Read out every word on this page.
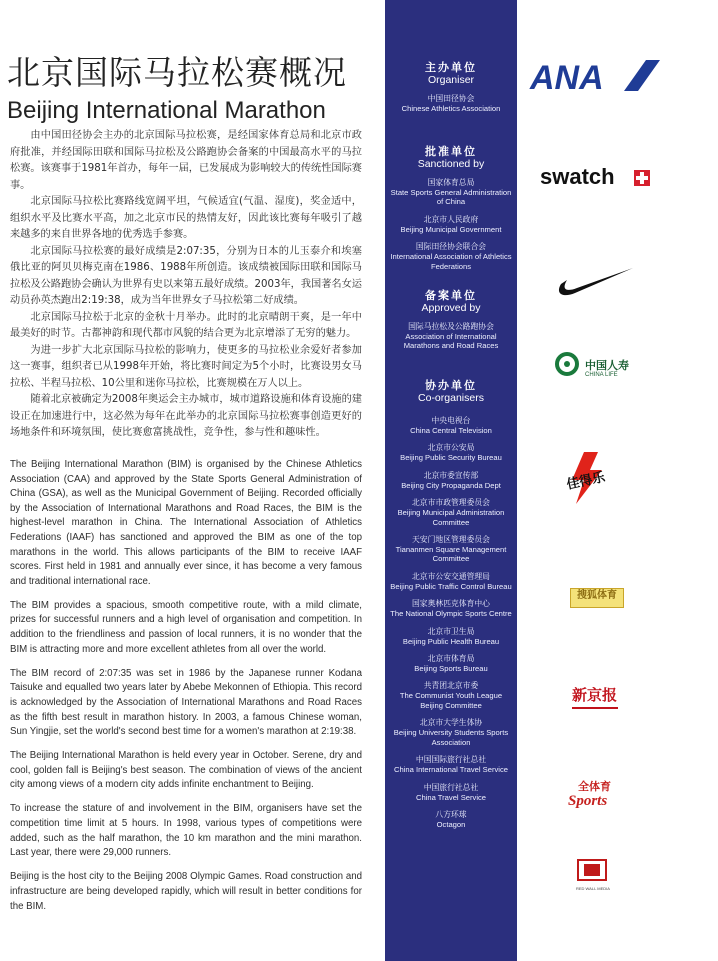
北京国际马拉松赛概况
Beijing International Marathon

由中国田径协会主办的北京国际马拉松赛，是经国家体育总局和北京市政府批准，并经国际田联和国际马拉松及公路跑协会备案的中国最高水平的马拉松赛。该赛事于1981年首办，每年一届，已发展成为影响较大的传统性国际赛事。

北京国际马拉松比赛路线宽阔平坦，气候适宜(气温、湿度)，奖金适中，组织水平及比赛水平高，加之北京市民的热情友好，因此该比赛每年吸引了越来越多的来自世界各地的优秀选手参赛。

北京国际马拉松赛的最好成绩是2:07:35，分别为日本的儿玉泰介和埃塞俄比亚的阿贝贝梅克南在1986、1988年所创造。该成绩被国际田联和国际马拉松及公路跑协会确认为世界有史以来第五最好成绩。2003年，我国著名女运动员孙英杰跑出2:19:38，成为当年世界女子马拉松第二好成绩。

北京国际马拉松于北京的金秋十月举办。此时的北京晴朗干爽，是一年中最美好的时节。古都神韵和现代都市风貌的结合更为北京增添了无穷的魅力。

为进一步扩大北京国际马拉松的影响力，使更多的马拉松业余爱好者参加这一赛事，组织者已从1998年开始，将比赛时间定为5个小时，比赛设男女马拉松、半程马拉松、10公里和迷你马拉松，比赛规模在万人以上。

随着北京被确定为2008年奥运会主办城市，城市道路设施和体育设施的建设正在加速进行中，这必然为每年在此举办的北京国际马拉松赛事创造更好的场地条件和环境氛围，使比赛愈富挑战性，竞争性，参与性和趣味性。

The Beijing International Marathon (BIM) is organised by the Chinese Athletics Association (CAA) and approved by the State Sports General Administration of China (GSA), as well as the Municipal Government of Beijing. Recorded officially by the Association of International Marathons and Road Races, the BIM is the highest-level marathon in China. The International Association of Athletics Federations (IAAF) has sanctioned and approved the BIM as one of the top marathons in the world. This allows participants of the BIM to receive IAAF scores. First held in 1981 and annually ever since, it has become a very famous and traditional international race.

The BIM provides a spacious, smooth competitive route, with a mild climate, prizes for successful runners and a high level of organisation and competition. In addition to the friendliness and passion of local runners, it is no wonder that the BIM is attracting more and more excellent athletes from all over the world.

The BIM record of 2:07:35 was set in 1986 by the Japanese runner Kodana Taisuke and equalled two years later by Abebe Mekonnen of Ethiopia. This record is acknowledged by the Association of International Marathons and Road Races as the fifth best result in marathon history. In 2003, a famous Chinese woman, Sun Yingjie, set the world's second best time for a women's marathon at 2:19:38.

The Beijing International Marathon is held every year in October. Serene, dry and cool, golden fall is Beijing's best season. The combination of views of the ancient city among views of a modern city adds infinite enchantment to Beijing.

To increase the stature of and involvement in the BIM, organisers have set the competition time limit at 5 hours. In 1998, various types of competitions were added, such as the half marathon, the 10 km marathon and the mini marathon. Last year, there were 29,000 runners.

Beijing is the host city to the Beijing 2008 Olympic Games. Road construction and infrastructure are being developed rapidly, which will result in better conditions for the BIM.

主办单位
Organiser
中国田径协会
Chinese Athletics Association
批准单位
Sanctioned by
国家体育总局
State Sports General Administration of China
北京市人民政府
Beijing Municipal Government
国际田径协会联合会
International Association of Athletics Federations
备案单位
Approved by
国际马拉松及公路跑协会
Association of International Marathons and Road Races
协办单位
Co-organisers
中央电视台
China Central Television
北京市公安局
Beijing Public Security Bureau
北京市委宣传部
Beijing City Propaganda Dept
北京市市政管理委员会
Beijing Municipal Administration Committee
天安门地区管理委员会
Tiananmen Square Management Committee
北京市公安交通管理局
Beijing Public Traffic Control Bureau
国家奥林匹克体育中心
The National Olympic Sports Centre
北京市卫生局
Beijing Public Health Bureau
北京市体育局
Beijing Sports Bureau
共青团北京市委
The Communist Youth League Beijing Committee
北京市大学生体协
Beijing University Students Sports Association
中国国际旅行社总社
China International Travel Service
中国旅行社总社
China Travel Service
八方环球
Octagon
ANA
swatch
中国人寿
CHINA LIFE
佳得乐
搜狐体育
新京报
全体育
Sports
RED WALL MEDIA
